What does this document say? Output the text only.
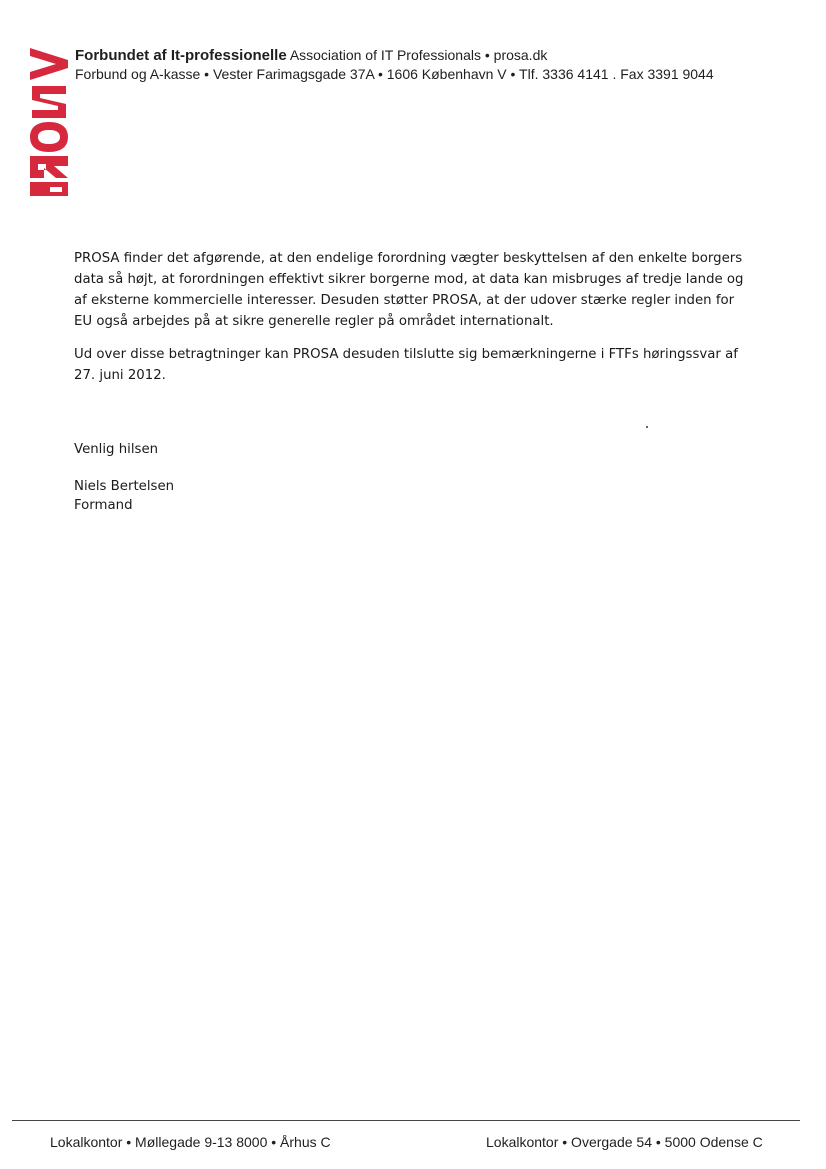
Forbundet af It-professionelle Association of IT Professionals • prosa.dk
Forbund og A-kasse • Vester Farimagsgade 37A • 1606 København V • Tlf. 3336 4141 . Fax 3391 9044

PROSA finder det afgørende, at den endelige forordning vægter beskyttelsen af den enkelte borgers data så højt, at forordningen effektivt sikrer borgerne mod, at data kan misbruges af tredje lande og af eksterne kommercielle interesser. Desuden støtter PROSA, at der udover stærke regler inden for EU også arbejdes på at sikre generelle regler på området internationalt.

Ud over disse betragtninger kan PROSA desuden tilslutte sig bemærkningerne i FTFs høringssvar af 27. juni 2012.

Venlig hilsen
Niels Bertelsen
Formand
Lokalkontor • Møllegade 9-13 8000 • Århus C	Lokalkontor • Overgade 54 • 5000 Odense C
